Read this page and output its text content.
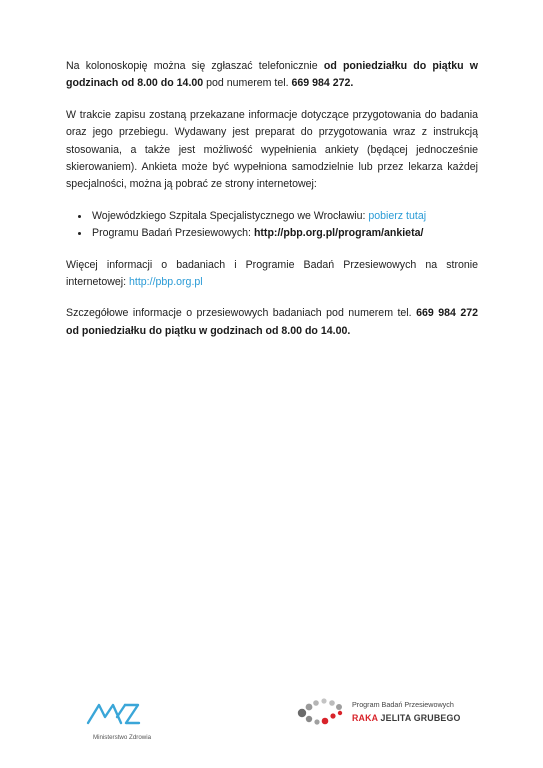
Na kolonoskopię można się zgłaszać telefonicznie od poniedziałku do piątku w godzinach od 8.00 do 14.00 pod numerem tel. 669 984 272.

W trakcie zapisu zostaną przekazane informacje dotyczące przygotowania do badania oraz jego przebiegu. Wydawany jest preparat do przygotowania wraz z instrukcją stosowania, a także jest możliwość wypełnienia ankiety (będącej jednocześnie skierowaniem). Ankieta może być wypełniona samodzielnie lub przez lekarza każdej specjalności, można ją pobrać ze strony internetowej:

• Wojewódzkiego Szpitala Specjalistycznego we Wrocławiu: pobierz tutaj
• Programu Badań Przesiewowych: http://pbp.org.pl/program/ankieta/

Więcej informacji o badaniach i Programie Badań Przesiewowych na stronie internetowej: http://pbp.org.pl

Szczegółowe informacje o przesiewowych badaniach pod numerem tel. 669 984 272 od poniedziałku do piątku w godzinach od 8.00 do 14.00.

Ministerstwo Zdrowia
Program Badań Przesiewowych
RAKA JELITA GRUBEGO
